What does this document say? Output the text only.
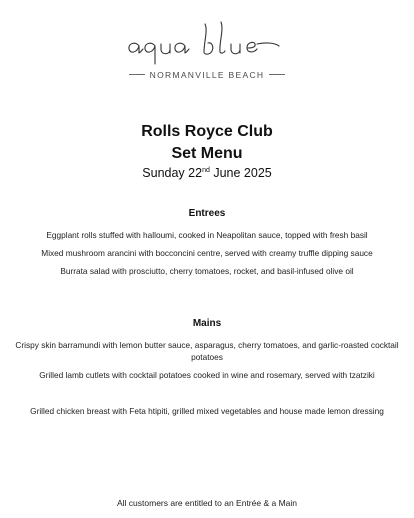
NORMANVILLE BEACH
Rolls Royce Club
Set Menu
Sunday 22nd June 2025
Entrees
Eggplant rolls stuffed with halloumi, cooked in Neapolitan sauce, topped with fresh basil
Mixed mushroom arancini with bocconcini centre, served with creamy truffle dipping sauce
Burrata salad with prosciutto, cherry tomatoes, rocket, and basil-infused olive oil
Mains
Crispy skin barramundi with lemon butter sauce, asparagus, cherry tomatoes, and garlic-roasted cocktail potatoes
Grilled lamb cutlets with cocktail potatoes cooked in wine and rosemary, served with tzatziki
Grilled chicken breast with Feta htipiti, grilled mixed vegetables and house made lemon dressing
All customers are entitled to an Entrée & a Main
